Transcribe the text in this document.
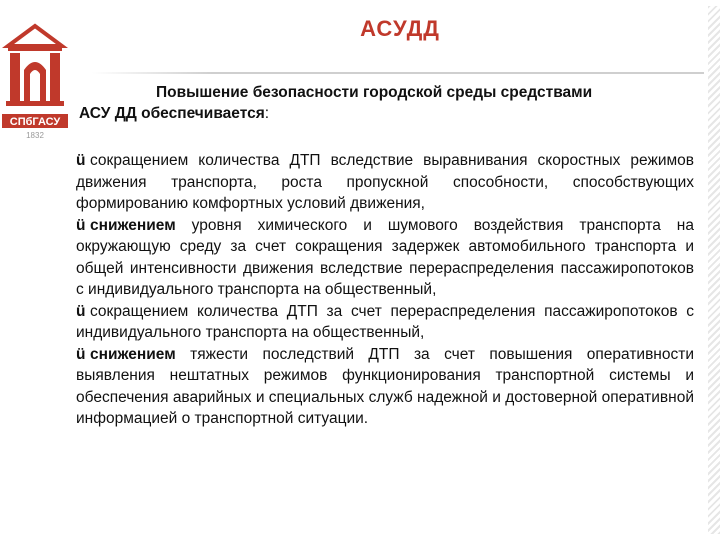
СПбГАСУ
1832
АСУДД
Повышение безопасности городской среды средствами
АСУ ДД обеспечивается:

ü сокращением количества ДТП вследствие выравнивания скоростных режимов движения транспорта, роста пропускной способности, способствующих формированию комфортных условий движения,

ü снижением уровня химического и шумового воздействия транспорта на окружающую среду за счет сокращения задержек автомобильного транспорта и общей интенсивности движения вследствие перераспределения пассажиропотоков с индивидуального транспорта на общественный,

ü сокращением количества ДТП за счет перераспределения пассажиропотоков с индивидуального транспорта на общественный,

ü снижением тяжести последствий ДТП за счет повышения оперативности выявления нештатных режимов функционирования транспортной системы и обеспечения аварийных и специальных служб надежной и достоверной оперативной информацией о транспортной ситуации.
